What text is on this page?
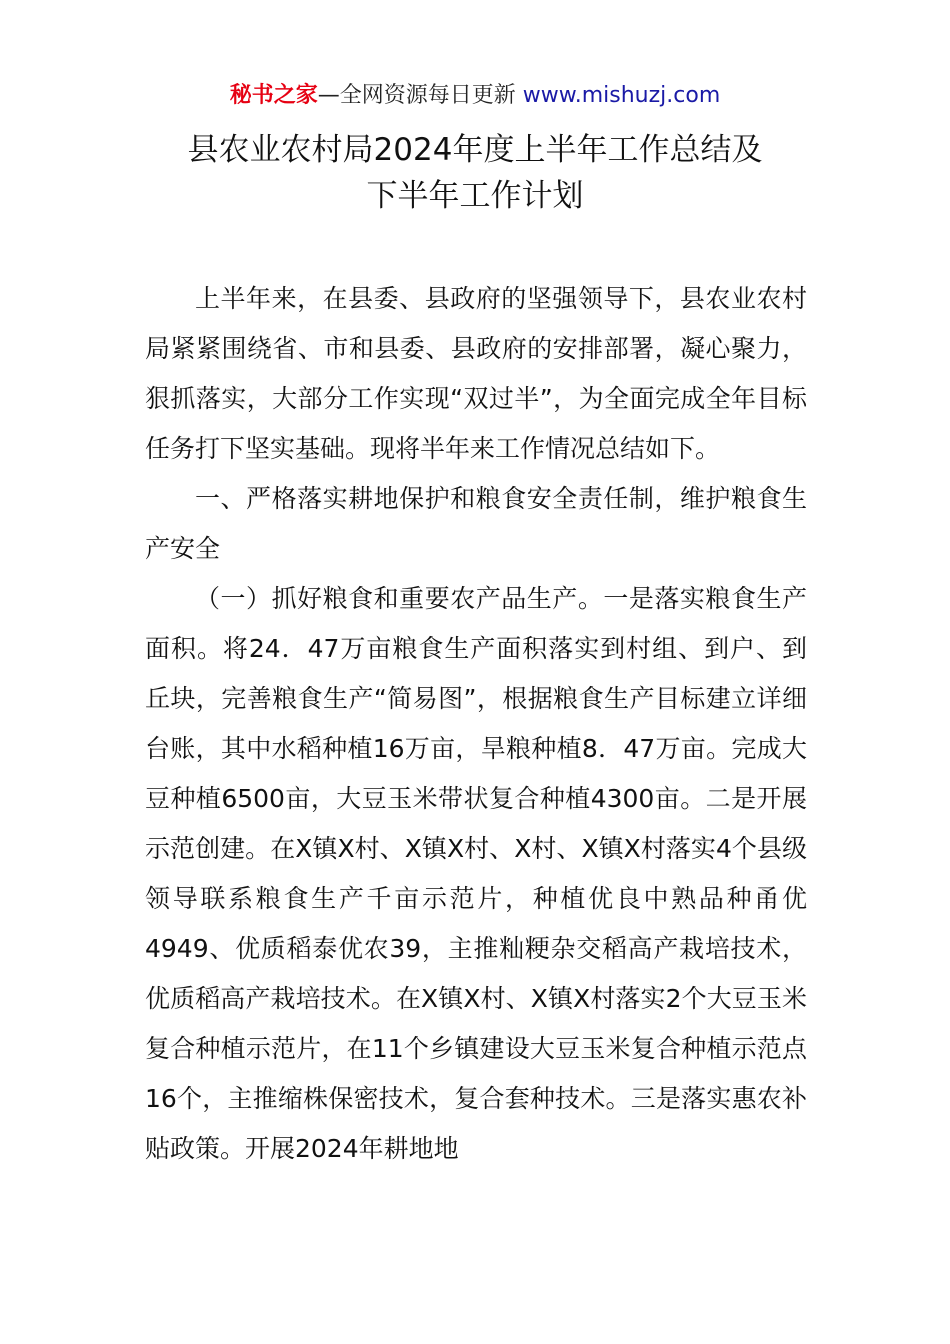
秘书之家—全网资源每日更新 www.mishuzj.com
县农业农村局2024年度上半年工作总结及
下半年工作计划

上半年来，在县委、县政府的坚强领导下，县农业农村局紧紧围绕省、市和县委、县政府的安排部署，凝心聚力，狠抓落实，大部分工作实现“双过半”，为全面完成全年目标任务打下坚实基础。现将半年来工作情况总结如下。

一、严格落实耕地保护和粮食安全责任制，维护粮食生产安全

（一）抓好粮食和重要农产品生产。一是落实粮食生产面积。将24．47万亩粮食生产面积落实到村组、到户、到丘块，完善粮食生产“简易图”，根据粮食生产目标建立详细台账，其中水稻种植16万亩，旱粮种植8．47万亩。完成大豆种植6500亩，大豆玉米带状复合种植4300亩。二是开展示范创建。在X镇X村、X镇X村、X村、X镇X村落实4个县级领导联系粮食生产千亩示范片，种植优良中熟品种甬优4949、优质稻泰优农39，主推籼粳杂交稻高产栽培技术，优质稻高产栽培技术。在X镇X村、X镇X村落实2个大豆玉米复合种植示范片，在11个乡镇建设大豆玉米复合种植示范点16个，主推缩株保密技术，复合套种技术。三是落实惠农补贴政策。开展2024年耕地地
